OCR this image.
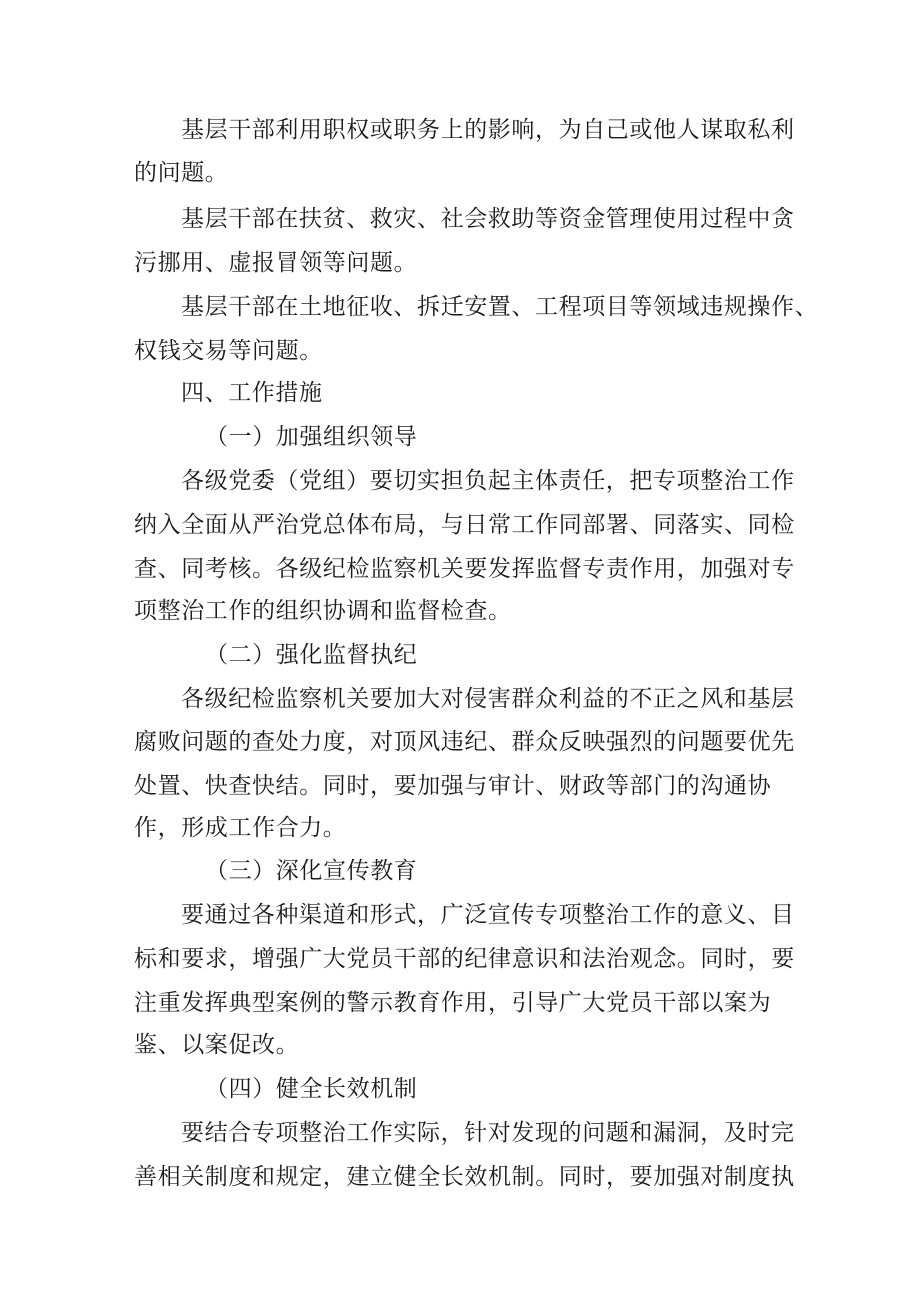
基层干部利用职权或职务上的影响，为自己或他人谋取私利
的问题。
基层干部在扶贫、救灾、社会救助等资金管理使用过程中贪
污挪用、虚报冒领等问题。
基层干部在土地征收、拆迁安置、工程项目等领域违规操作、
权钱交易等问题。
四、工作措施
（一）加强组织领导
各级党委（党组）要切实担负起主体责任，把专项整治工作
纳入全面从严治党总体布局，与日常工作同部署、同落实、同检
查、同考核。各级纪检监察机关要发挥监督专责作用，加强对专
项整治工作的组织协调和监督检查。
（二）强化监督执纪
各级纪检监察机关要加大对侵害群众利益的不正之风和基层
腐败问题的查处力度，对顶风违纪、群众反映强烈的问题要优先
处置、快查快结。同时，要加强与审计、财政等部门的沟通协
作，形成工作合力。
（三）深化宣传教育
要通过各种渠道和形式，广泛宣传专项整治工作的意义、目
标和要求，增强广大党员干部的纪律意识和法治观念。同时，要
注重发挥典型案例的警示教育作用，引导广大党员干部以案为
鉴、以案促改。
（四）健全长效机制
要结合专项整治工作实际，针对发现的问题和漏洞，及时完
善相关制度和规定，建立健全长效机制。同时，要加强对制度执
